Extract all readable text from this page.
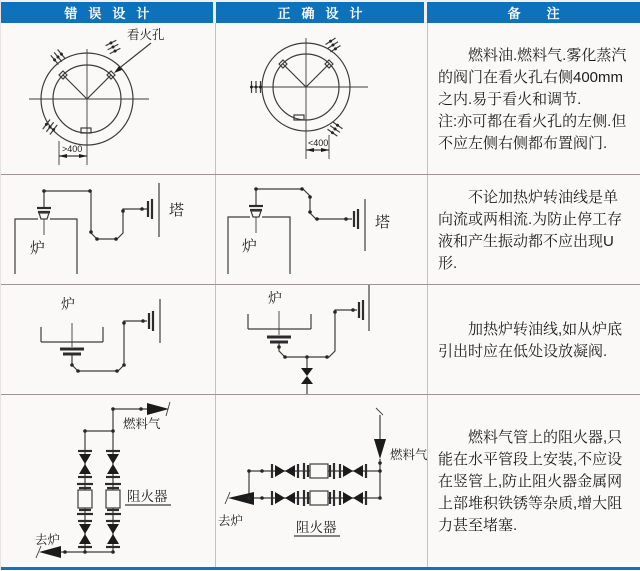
错误设计	正确设计	备注
看火孔
>400
<400

燃料油.燃料气.雾化蒸汽的阀门在看火孔右侧400mm之内.易于看火和调节.

注:亦可都在看火孔的左侧.但不应左侧右侧都布置阀门.

炉
塔
炉
塔

不论加热炉转油线是单向流或两相流.为防止停工存液和产生振动都不应出现U形.

炉	炉

加热炉转油线,如从炉底引出时应在低处设放凝阀.

燃料气
去炉
阻火器
燃料气
去炉	阻火器

燃料气管上的阻火器,只能在水平管段上安装,不应设在竖管上,防止阻火器金属网上部堆积铁锈等杂质,增大阻力甚至堵塞.
